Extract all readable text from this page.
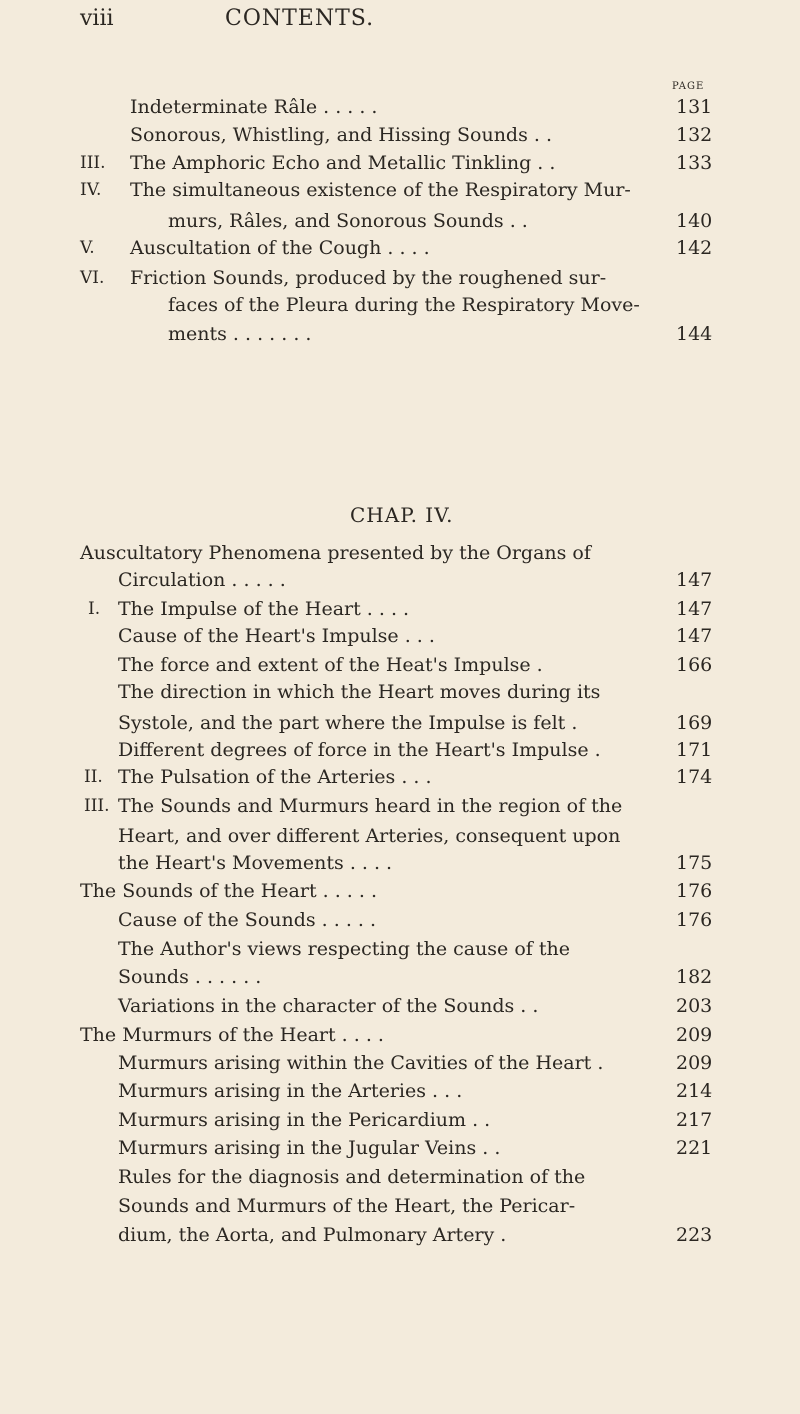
viii	CONTENTS.
PAGE
CHAP. IV.
Indeterminate Râle . . . . .	131
Sonorous, Whistling, and Hissing Sounds . .	132
III. The Amphoric Echo and Metallic Tinkling . .	133
IV. The simultaneous existence of the Respiratory Mur-
murs, Râles, and Sonorous Sounds . .	140
V. Auscultation of the Cough . . . .	142
VI. Friction Sounds, produced by the roughened sur-
faces of the Pleura during the Respiratory Move-
ments . . . . . . .	144
Auscultatory Phenomena presented by the Organs of
Circulation . . . . .	147
I. The Impulse of the Heart . . . .	147
Cause of the Heart's Impulse . . .	147
The force and extent of the Heat's Impulse .	166
The direction in which the Heart moves during its
Systole, and the part where the Impulse is felt .	169
Different degrees of force in the Heart's Impulse .	171
II. The Pulsation of the Arteries . . .	174
III. The Sounds and Murmurs heard in the region of the
Heart, and over different Arteries, consequent upon
the Heart's Movements . . . .	175
The Sounds of the Heart . . . . .	176
Cause of the Sounds . . . . .	176
The Author's views respecting the cause of the
Sounds . . . . . .	182
Variations in the character of the Sounds . .	203
The Murmurs of the Heart . . . .	209
Murmurs arising within the Cavities of the Heart .	209
Murmurs arising in the Arteries . . .	214
Murmurs arising in the Pericardium . .	217
Murmurs arising in the Jugular Veins . .	221
Rules for the diagnosis and determination of the
Sounds and Murmurs of the Heart, the Pericar-
dium, the Aorta, and Pulmonary Artery .	223
